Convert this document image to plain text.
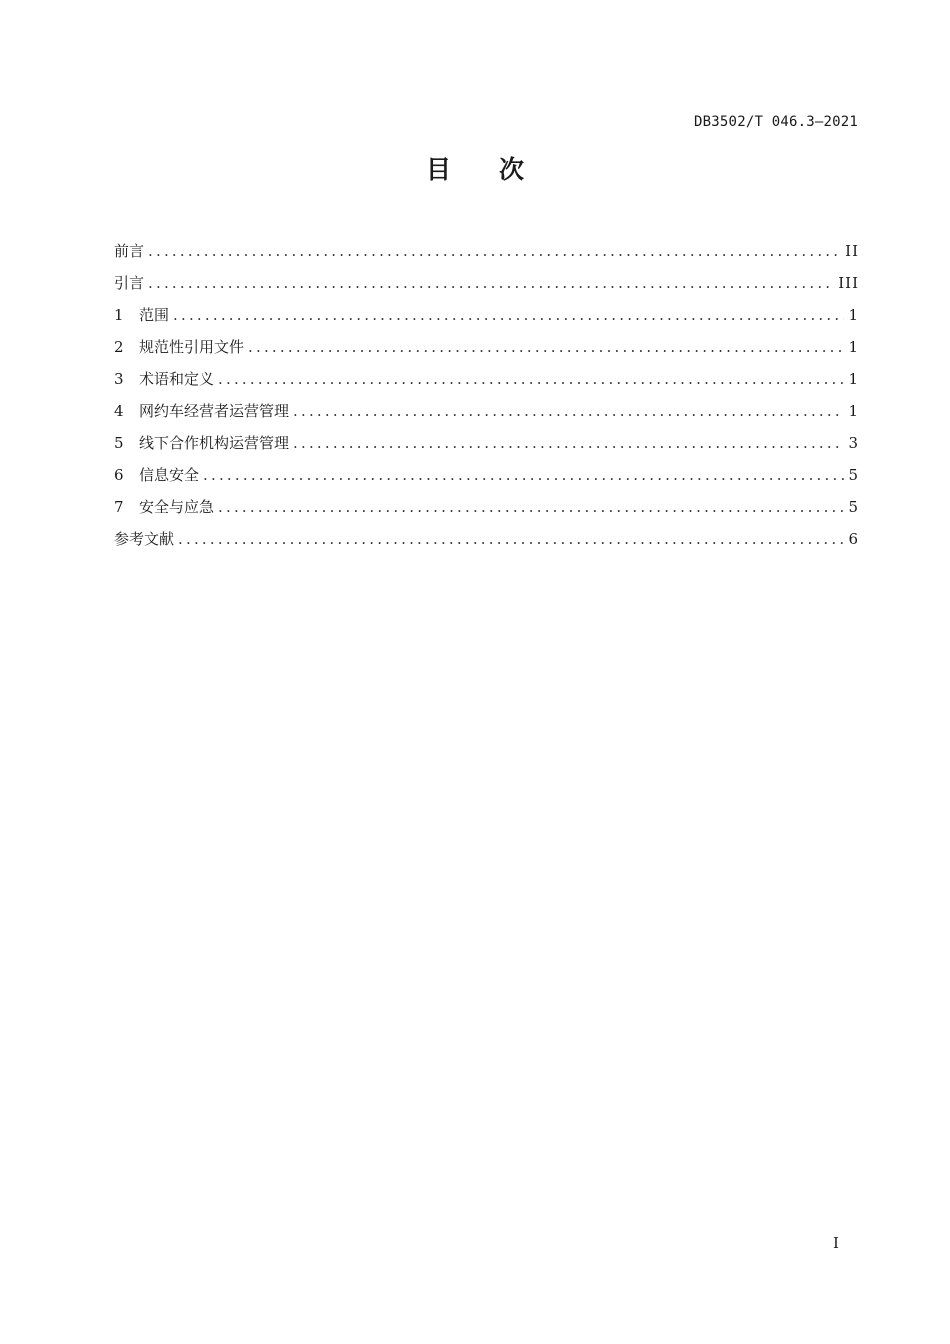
DB3502/T 046.3—2021
目 次
前言 .....	II
引言 .....	III
1	范围 .....	1
2	规范性引用文件 .....	1
3	术语和定义 .....	1
4	网约车经营者运营管理 .....	1
5	线下合作机构运营管理 .....	3
6	信息安全 .....	5
7	安全与应急 .....	5
参考文献 .....	6
I
